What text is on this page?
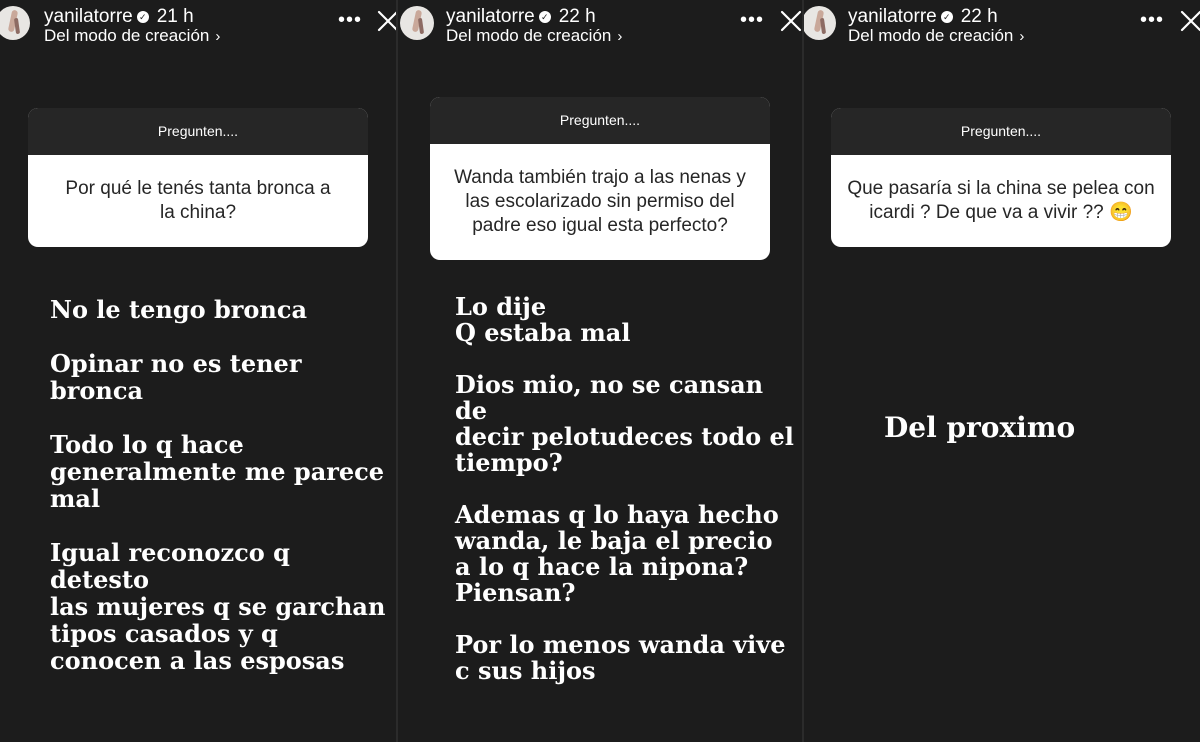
yanilatorre ✓ 21 h
Del modo de creación ›
•••
Pregunten....
Por qué le tenés tanta bronca a la china?

No le tengo bronca

Opinar no es tener
bronca

Todo lo q hace
generalmente me parece
mal

Igual reconozco q detesto
las mujeres q se garchan
tipos casados y q
conocen a las esposas

yanilatorre ✓ 22 h
Del modo de creación ›
•••
Pregunten....
Wanda también trajo a las nenas y las escolarizado sin permiso del padre eso igual esta perfecto?

Lo dije
Q estaba mal

Dios mio, no se cansan de
decir pelotudeces todo el
tiempo?

Ademas q lo haya hecho
wanda, le baja el precio
a lo q hace la nipona?
Piensan?

Por lo menos wanda vive
c sus hijos

yanilatorre ✓ 22 h
Del modo de creación ›
•••
Pregunten....
Que pasaría si la china se pelea con icardi ? De que va a vivir ?? 😁

Del proximo
